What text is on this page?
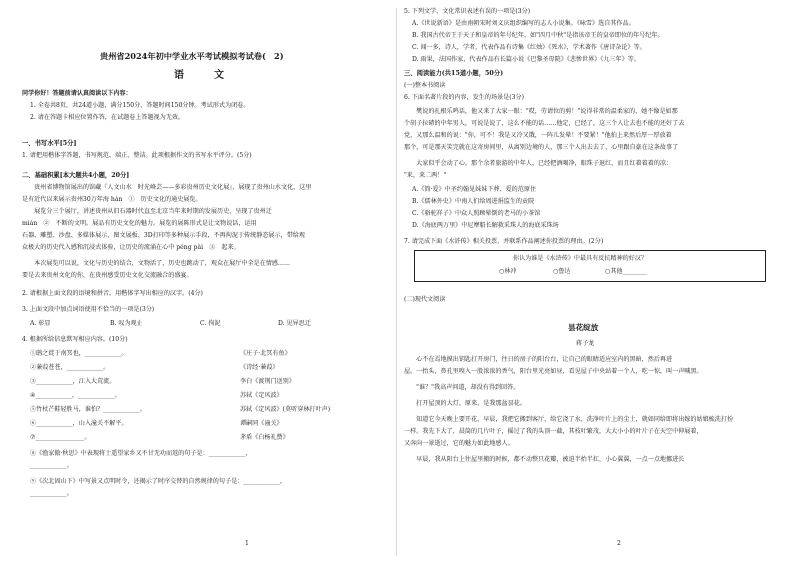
贵州省2024年初中学业水平考试模拟考试卷(　2)
语　文
同学你好！答题前请认真阅读以下内容：
1. 全卷共8页，共24道小题，满分150分，答题时间150分钟。考试形式为闭卷。
2. 请在答题卡相应位置作答，在试题卷上答题视为无效。
一、书写水平[5分]
1. 请把用楷体字答题，书写规范、端正、整洁。此项根据作文的书写水平评分。(5分)
二、基础积累[本大题共4小题，20分]
　　贵州省博物馆展出的馆藏『人文山水　时光峰芸——多彩贵州历史文化展』，展现了贵州山水文化，这里
是有近代以来展示贵州30万年海 hán　①　历史文化的通史展览。
　　展览分三个展厅，讲述贵州从旧石器时代直至北京当年来时期的发展历史，呈现了贵州迁
mián　②　不断的文明。展品有历史文化的魅力。展览的展陈形式是让文物说话，运用
石器、雕塑、沙盘、多媒体展示、图文展板、3D打印等多种展示手段，不再拘泥于传统静态展示，带给观
众极大的历史代入感和沉浸式体验，让历史的流涌在心中 péng pài　③　起来。
　　本次展览可以说，文化与历史的结合，文物活了，历史也跳动了，观众在展厅中全是在情感……
要是去来贵州文化的你，在贵州感受历史文化交流融合的盛宴。
2. 请根据上面文段的语境和拼音，用楷体字写出相应的汉字。(4分)
3. 上面文段中加点词语使用不恰当的一项是(3分)
A. 彰显	B. 叹为观止	C. 拘泥	D. 见异思迁
4. 根据所给信息默写相应内容。(10分)
①鸱之徙于南冥也，____________。	《庄子·北冥有鱼》
②蒹葭苍苍，____________。	《诗经·蒹葭》
③____________，江入大荒流。	李白《渡荆门送别》
④____________，____________。	苏轼《定风波》
⑤竹杖芒鞋轻胜马，谁怕？____________。	苏轼《定风波》(莫听穿林打叶声)
⑥____________，山入潼关不解平。	谭嗣同《潼关》
⑦________________。	茅盾《白杨礼赞》
⑧《渔家傲·秋思》中表现将士遥望家乡又不甘无功而返的句子是：____________，
____________。
⑨《次北固山下》中写景又点明时令，还揭示了时序交替的自然规律的句子是：____________，
____________。
1
5. 下列文学、文化常识表述有误的一项是(3分)
A.《世说新语》是由南朝宋时刘义庆组织编写的志人小说集。《咏雪》选自其作品。
B. 我国古代帝王于天子和皇帝的年号纪年，如"四月中秋"是指该帝王的皇帝即位的年号纪年。
C. 闻一多，诗人，学者，代表作品有诗集《红烛》《死水》，学术著作《唐诗杂论》等。
D. 雨果，法国作家，代表作品有长篇小说《巴黎圣母院》《悲惨世界》《九三年》等。
三、阅读能力(共15道小题，50分)
(一)整本书阅读
6. 下面名著片段的内容，发生的场景是(3分)
　　樊说的扎根乐鸣话，他又来了大家一眼："哎，劳请位的剪！"说得非常的温柔家的，她不像是如那
个胡子拉碴的中年男人，可说是说了，这么不能的话……他定，已经了，这三个人让去也不能的还好了去
党，又那么温和的说："你，可不！我是又冷又饿，一阵儿发晕！不要紧！"他拍上来然后厚一厚放着
那个，可是那天笑完就在这寄房间里，从离别边境的人，那三个人出去去了，心里跟自豪在这条故事了
　　大家似乎会动了心。那个余者旅游的中年人，已经把酒喝净，眼珠子退红，而且红着着着的凉：
"来，来二两！"
A.《简·爱》中圣约翰见妹妹下葬、爱的范原住
B.《儒林外史》中南人们给周进捐监生的贡院
C.《骆驼祥子》中众人照顾晕倒的老马的小茶馆
D.《海底两万里》中尼摩船长解救采珠人的海底采珠场
7. 请完成下面《水浒传》相关投票，并联系作品阐述你投票的理由。(2分)
你认为谁是《水浒传》中最具有反抗精神的好汉？
○林冲	○鲁达	○其他________
(二)现代文阅读
昙花绽放
蒋子龙
　　心不在焉地摸出钥匙打开房门，往日的房子的阳台台，让自己的眼睛适应室内的黑暗，然后再进
屋。一抬头，鼻孔里嗅入一股浓浓的香气，阳台里光亮如昼，看见屋子中央站着一个人，吃一惊，叫一声喊黑。
　　"谁？"我高声问道，却没有得到回答。
　　打开屋顶的大灯，原来，是我那盆昙花。
　　知道它今天晚上要开花，早晨，我把它搬到客厅，给它浇了水，洗净叶片上的尘土，就如同给即将出嫁的姑娘梳洗打扮
一样。我先下大了，晨筒的几片叶子，摇过了我的头顶一截，其枝叶繁茂，大大小小的叶片子在天空中伸展着，
又奔向一景逝过，它的魅力如此地感人。
　　早晨，我从阳台上往屋里搬的时候，都不动整只花瓣，被迫半抬半扛，小心翼翼，一点一点地挪进长
2
